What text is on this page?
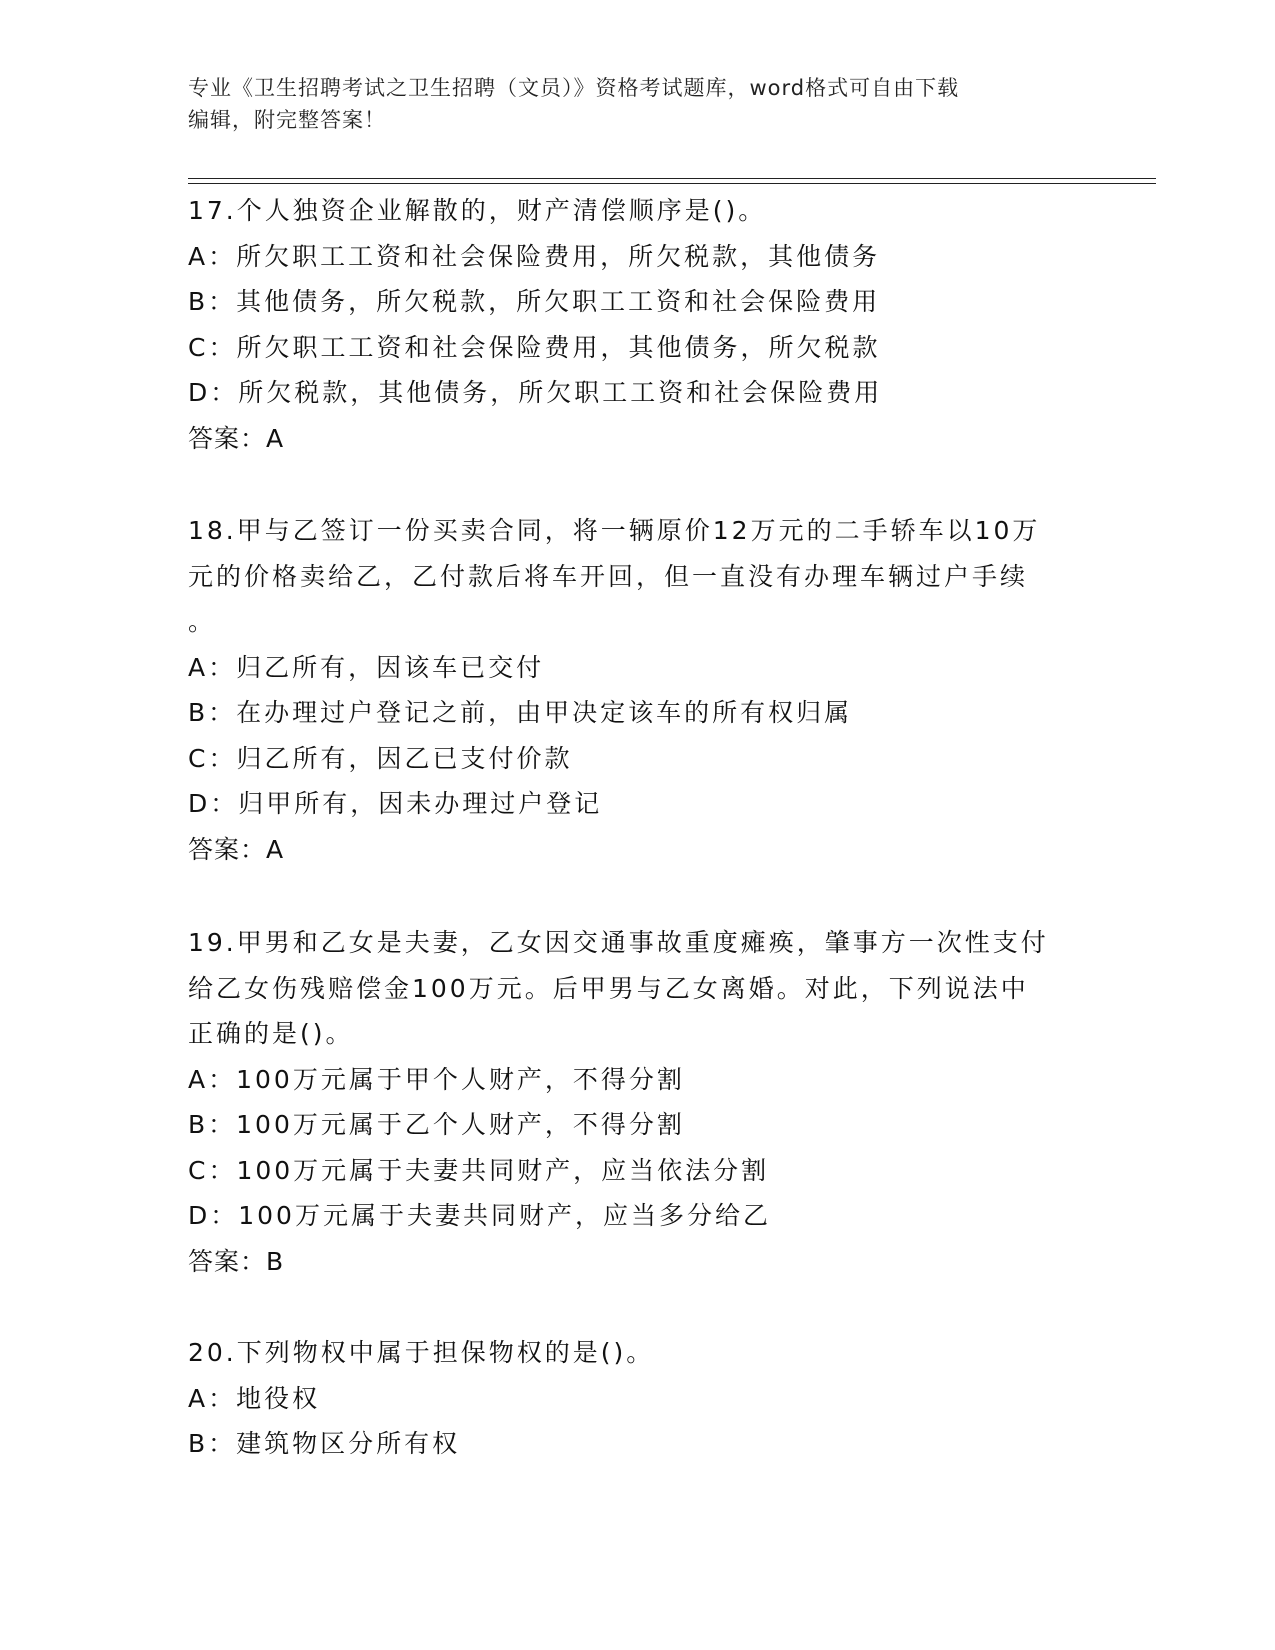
专业《卫生招聘考试之卫生招聘（文员）》资格考试题库，word格式可自由下载
编辑，附完整答案！
17.个人独资企业解散的，财产清偿顺序是()。
A：所欠职工工资和社会保险费用，所欠税款，其他债务
B：其他债务，所欠税款，所欠职工工资和社会保险费用
C：所欠职工工资和社会保险费用，其他债务，所欠税款
D：所欠税款，其他债务，所欠职工工资和社会保险费用
答案：A
18.甲与乙签订一份买卖合同，将一辆原价12万元的二手轿车以10万
元的价格卖给乙，乙付款后将车开回，但一直没有办理车辆过户手续
。
A：归乙所有，因该车已交付
B：在办理过户登记之前，由甲决定该车的所有权归属
C：归乙所有，因乙已支付价款
D：归甲所有，因未办理过户登记
答案：A
19.甲男和乙女是夫妻，乙女因交通事故重度瘫痪，肇事方一次性支付
给乙女伤残赔偿金100万元。后甲男与乙女离婚。对此，下列说法中
正确的是()。
A：100万元属于甲个人财产，不得分割
B：100万元属于乙个人财产，不得分割
C：100万元属于夫妻共同财产，应当依法分割
D：100万元属于夫妻共同财产，应当多分给乙
答案：B
20.下列物权中属于担保物权的是()。
A：地役权
B：建筑物区分所有权
